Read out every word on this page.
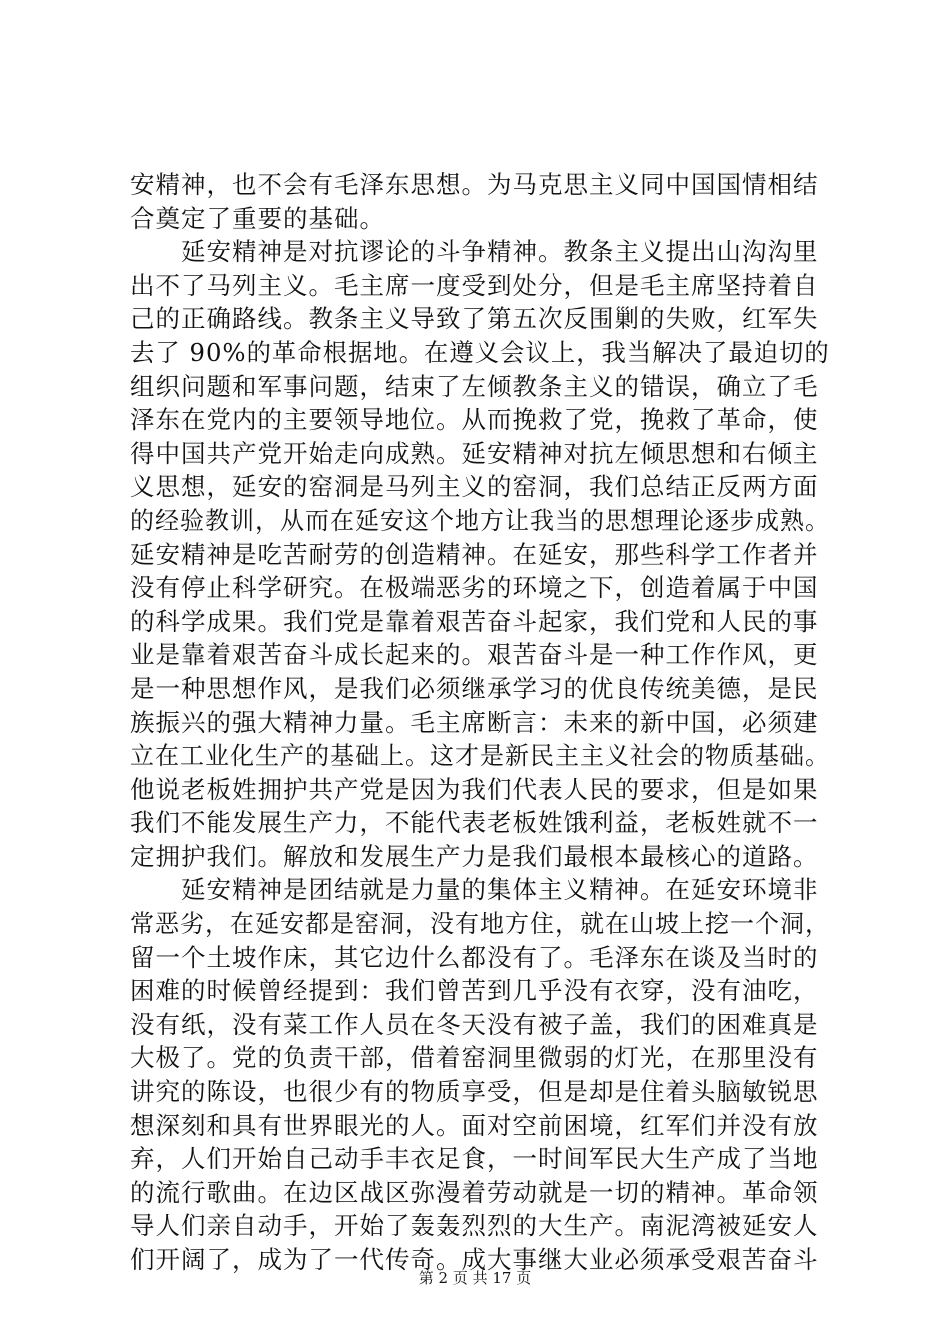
安精神，也不会有毛泽东思想。为马克思主义同中国国情相结
合奠定了重要的基础。
　　延安精神是对抗谬论的斗争精神。教条主义提出山沟沟里
出不了马列主义。毛主席一度受到处分，但是毛主席坚持着自
己的正确路线。教条主义导致了第五次反围剿的失败，红军失
去了 90%的革命根据地。在遵义会议上，我当解决了最迫切的
组织问题和军事问题，结束了左倾教条主义的错误，确立了毛
泽东在党内的主要领导地位。从而挽救了党，挽救了革命，使
得中国共产党开始走向成熟。延安精神对抗左倾思想和右倾主
义思想，延安的窑洞是马列主义的窑洞，我们总结正反两方面
的经验教训，从而在延安这个地方让我当的思想理论逐步成熟。
延安精神是吃苦耐劳的创造精神。在延安，那些科学工作者并
没有停止科学研究。在极端恶劣的环境之下，创造着属于中国
的科学成果。我们党是靠着艰苦奋斗起家，我们党和人民的事
业是靠着艰苦奋斗成长起来的。艰苦奋斗是一种工作作风，更
是一种思想作风，是我们必须继承学习的优良传统美德，是民
族振兴的强大精神力量。毛主席断言：未来的新中国，必须建
立在工业化生产的基础上。这才是新民主主义社会的物质基础。
他说老板姓拥护共产党是因为我们代表人民的要求，但是如果
我们不能发展生产力，不能代表老板姓饿利益，老板姓就不一
定拥护我们。解放和发展生产力是我们最根本最核心的道路。
　　延安精神是团结就是力量的集体主义精神。在延安环境非
常恶劣，在延安都是窑洞，没有地方住，就在山坡上挖一个洞，
留一个土坡作床，其它边什么都没有了。毛泽东在谈及当时的
困难的时候曾经提到：我们曾苦到几乎没有衣穿，没有油吃，
没有纸，没有菜工作人员在冬天没有被子盖，我们的困难真是
大极了。党的负责干部，借着窑洞里微弱的灯光，在那里没有
讲究的陈设，也很少有的物质享受，但是却是住着头脑敏锐思
想深刻和具有世界眼光的人。面对空前困境，红军们并没有放
弃，人们开始自己动手丰衣足食，一时间军民大生产成了当地
的流行歌曲。在边区战区弥漫着劳动就是一切的精神。革命领
导人们亲自动手，开始了轰轰烈烈的大生产。南泥湾被延安人
们开阔了，成为了一代传奇。成大事继大业必须承受艰苦奋斗
第 2 页 共 17 页
